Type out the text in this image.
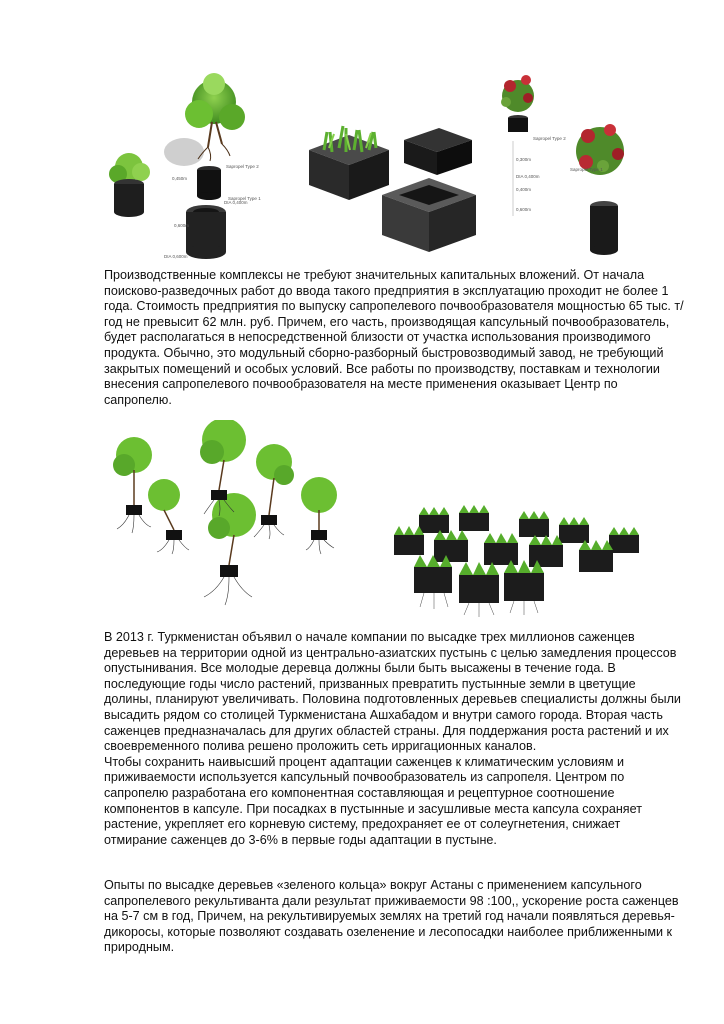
Sapropel Type 2
0,450m
DIA 0,400m
Sapropel Type 1
0,600m
DIA 0,600m
Sapropel Type 2
0,300m
DIA 0,400m
Sapropel Type 1
0,400m
0,600m

Производственные комплексы не требуют значительных капитальных вложений. От начала поисково-разведочных работ до ввода такого предприятия в эксплуатацию проходит не более 1 года. Стоимость предприятия по выпуску сапропелевого почвообразователя мощностью 65 тыс. т/год не превысит 62 млн. руб. Причем, его часть, производящая капсульный почвообразователь, будет располагаться в непосредственной близости от участка использования производимого продукта. Обычно, это модульный сборно-разборный быстровозводимый завод, не требующий закрытых помещений и особых условий. Все работы по производству, поставкам и технологии внесения сапропелевого почвообразователя на месте применения оказывает Центр по сапропелю.

В 2013 г. Туркменистан объявил о начале компании по высадке трех миллионов саженцев деревьев на территории одной из центрально-азиатских пустынь с целью замедления процессов опустынивания. Все молодые деревца должны были быть высажены в течение года. В последующие годы число растений, призванных превратить пустынные земли в цветущие долины, планируют увеличивать. Половина подготовленных деревьев специалисты должны были высадить рядом со столицей Туркменистана Ашхабадом и внутри самого города. Вторая часть саженцев предназначалась для других областей страны. Для поддержания роста растений и их своевременного полива решено проложить сеть ирригационных каналов.

Чтобы сохранить наивысший процент адаптации саженцев к климатическим условиям и приживаемости используется капсульный почвообразователь из сапропеля. Центром по сапропелю разработана его компонентная составляющая и рецептурное соотношение компонентов в капсуле. При посадках в пустынные и засушливые места капсула сохраняет растение, укрепляет его корневую систему, предохраняет ее от солеугнетения, снижает отмирание саженцев до 3-6% в первые годы адаптации в пустыне.

Опыты по высадке деревьев «зеленого кольца» вокруг Астаны с применением капсульного сапропелевого рекультиванта дали результат приживаемости 98 :100,, ускорение роста саженцев на 5-7 см в год, Причем, на рекультивируемых землях на третий год начали появляться деревья-дикоросы, которые позволяют создавать озеленение и лесопосадки наиболее приближенными к природным.
